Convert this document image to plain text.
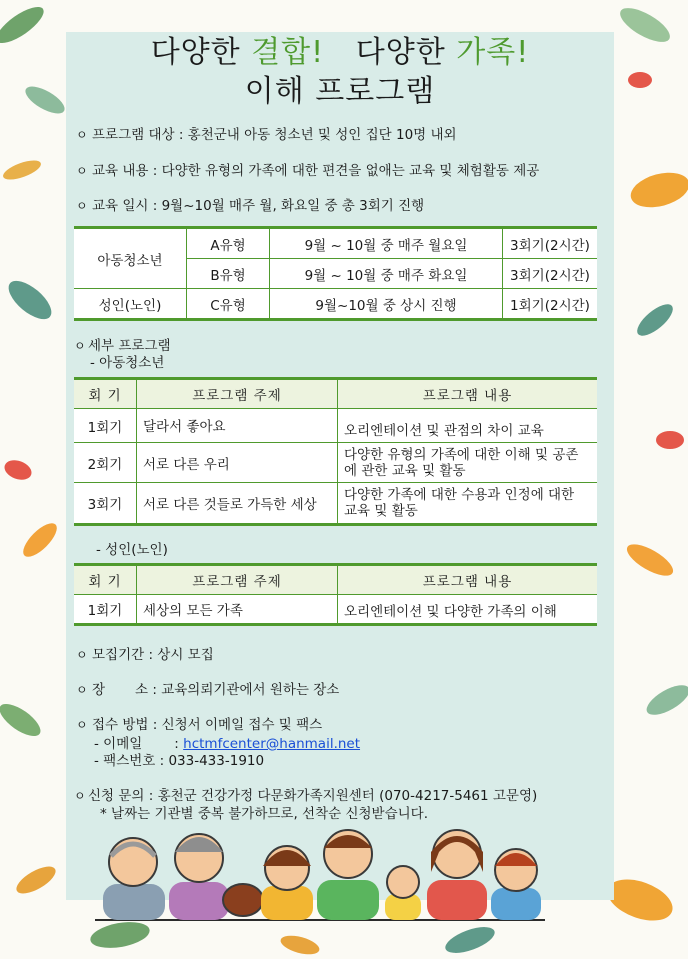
다양한 결합! 다양한 가족!
이해 프로그램
ㅇ 프로그램 대상 : 홍천군내 아동 청소년 및 성인 집단 10명 내외
ㅇ 교육 내용 : 다양한 유형의 가족에 대한 편견을 없애는 교육 및 체험활동 제공
ㅇ 교육 일시 : 9월~10월 매주 월, 화요일 중 총 3회기 진행
아동청소년	A유형	9월 ~ 10월 중 매주 월요일	3회기(2시간)
	B유형	9월 ~ 10월 중 매주 화요일	3회기(2시간)
성인(노인)	C유형	9월~10월 중 상시 진행	1회기(2시간)
ㅇ 세부 프로그램
- 아동청소년
회 기	프로그램 주제	프로그램 내용
1회기	달라서 좋아요	오리엔테이션 및 관점의 차이 교육
2회기	서로 다른 우리	다양한 유형의 가족에 대한 이해 및 공존
에 관한 교육 및 활동

3회기	서로 다른 것들로 가득한 세상	다양한 가족에 대한 수용과 인정에 대한
교육 및 활동
- 성인(노인)
회 기	프로그램 주제	프로그램 내용
1회기	세상의 모든 가족	오리엔테이션 및 다양한 가족의 이해
ㅇ 모집기간 : 상시 모집
ㅇ 장 소 : 교육의뢰기관에서 원하는 장소
ㅇ 접수 방법 : 신청서 이메일 접수 및 팩스
- 이메일 : hctmfcenter@hanmail.net
- 팩스번호 : 033-433-1910
ㅇ 신청 문의 : 홍천군 건강가정 다문화가족지원센터 (070-4217-5461 고문영)
* 날짜는 기관별 중복 불가하므로, 선착순 신청받습니다.
